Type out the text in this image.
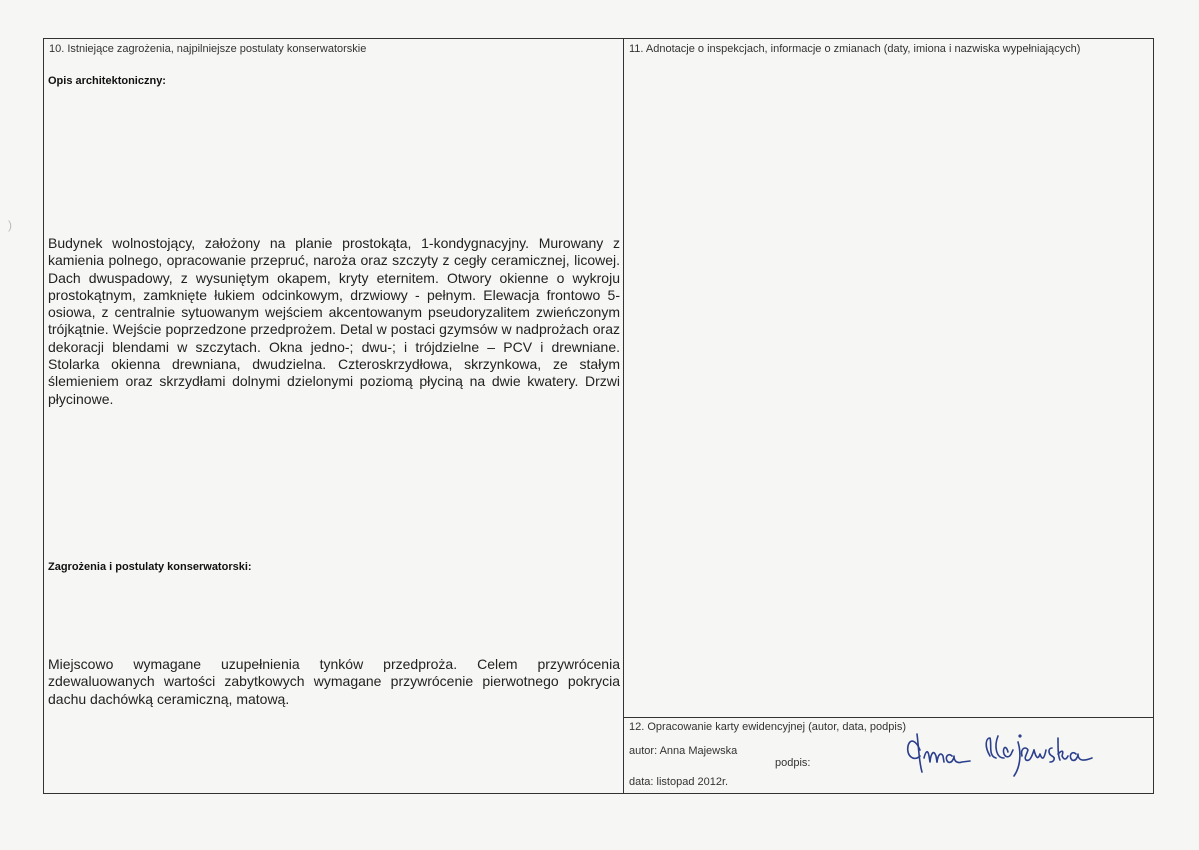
)
10. Istniejące zagrożenia, najpilniejsze postulaty konserwatorskie	11. Adnotacje o inspekcjach, informacje o zmianach (daty, imiona i nazwiska wypełniających)
Opis architektoniczny:
Budynek wolnostojący, założony na planie prostokąta, 1-kondygnacyjny. Murowany z kamienia polnego, opracowanie przepruć, naroża oraz szczyty z cegły ceramicznej, licowej. Dach dwuspadowy, z wysuniętym okapem, kryty eternitem. Otwory okienne o wykroju prostokątnym, zamknięte łukiem odcinkowym, drzwiowy - pełnym. Elewacja frontowo 5-osiowa, z centralnie sytuowanym wejściem akcentowanym pseudoryzalitem zwieńczonym trójkątnie. Wejście poprzedzone przedprożem. Detal w postaci gzymsów w nadprożach oraz dekoracji blendami w szczytach. Okna jedno-; dwu-; i trójdzielne – PCV i drewniane. Stolarka okienna drewniana, dwudzielna. Czteroskrzydłowa, skrzynkowa, ze stałym ślemieniem oraz skrzydłami dolnymi dzielonymi poziomą płyciną na dwie kwatery. Drzwi płycinowe.
Zagrożenia i postulaty konserwatorski:
Miejscowo wymagane uzupełnienia tynków przedproża. Celem przywrócenia zdewaluowanych wartości zabytkowych wymagane przywrócenie pierwotnego pokrycia dachu dachówką ceramiczną, matową.
12. Opracowanie karty ewidencyjnej (autor, data, podpis)
autor: Anna Majewska
podpis:
data: listopad 2012r.
